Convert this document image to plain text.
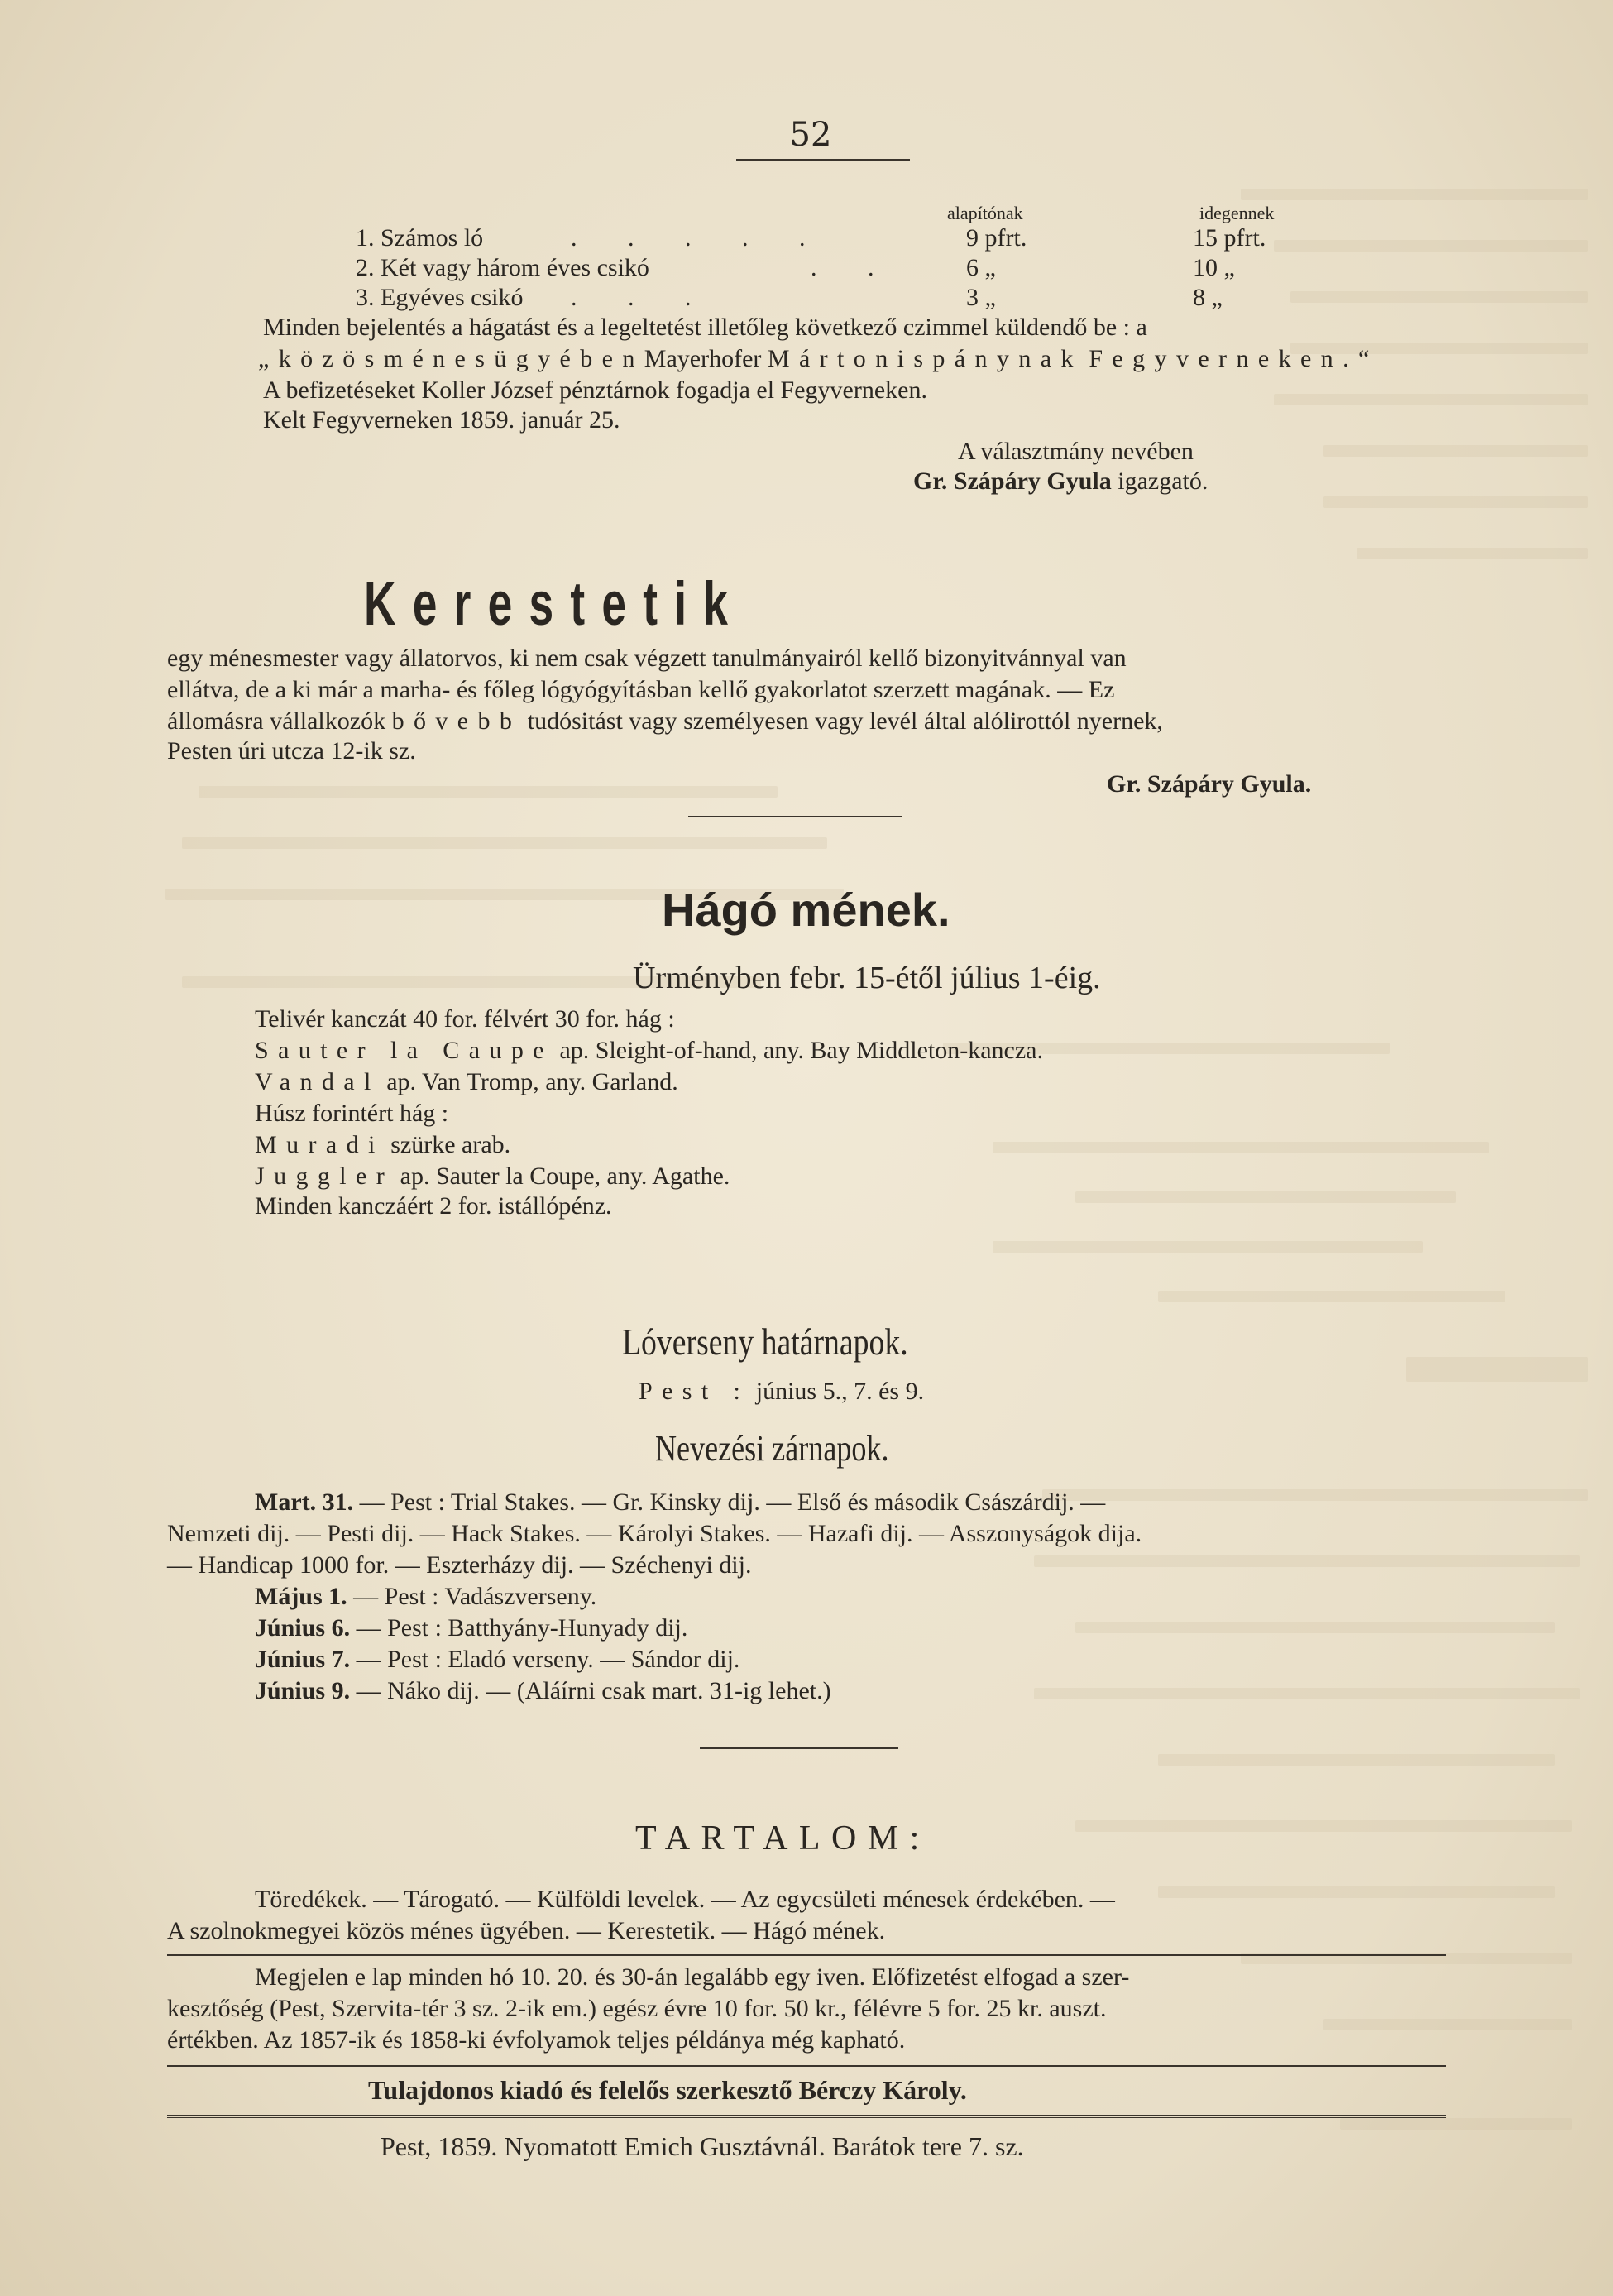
52
alapítónak	idegennek
1. Számos ló	. . . . .	9 pfrt.	15 pfrt.
2. Két vagy három éves csikó	. .	6 „	10 „
3. Egyéves csikó . . .	3 „	8 „
Minden bejelentés a hágatást és a legeltetést illetőleg következő czimmel küldendő be : a
„közösménesügyébenMayerhofer Mártonispánynak Fegyverneken.“
A befizetéseket Koller József pénztárnok fogadja el Fegyverneken.
Kelt Fegyverneken 1859. január 25.
A választmány nevében
Gr. Szápáry Gyula igazgató.
Kerestetik
egy ménesmester vagy állatorvos, ki nem csak végzett tanulmányairól kellő bizonyitvánnyal van
ellátva, de a ki már a marha- és főleg lógyógyításban kellő gyakorlatot szerzett magának. — Ez
állomásra vállalkozók bővebb tudósitást vagy személyesen vagy levél által alólirottól nyernek,
Pesten úri utcza 12-ik sz.
Gr. Szápáry Gyula.
Hágó mének.
Ürményben febr. 15-étől július 1-éig.
Telivér kanczát 40 for. félvért 30 for. hág :
Sauter la Caupe ap. Sleight-of-hand, any. Bay Middleton-kancza.
Vandal ap. Van Tromp, any. Garland.
Húsz forintért hág :
Muradi szürke arab.
Juggler ap. Sauter la Coupe, any. Agathe.
Minden kanczáért 2 for. istállópénz.
Lóverseny határnapok.
Pest : június 5., 7. és 9.
Nevezési zárnapok.
Mart. 31. — Pest : Trial Stakes. — Gr. Kinsky dij. — Első és második Császárdij. —
Nemzeti dij. — Pesti dij. — Hack Stakes. — Károlyi Stakes. — Hazafi dij. — Asszonyságok dija.
— Handicap 1000 for. — Eszterházy dij. — Széchenyi dij.
Május 1. — Pest : Vadászverseny.
Június 6. — Pest : Batthyány-Hunyady dij.
Június 7. — Pest : Eladó verseny. — Sándor dij.
Június 9. — Náko dij. — (Aláírni csak mart. 31-ig lehet.)
TARTALOM:
Töredékek. — Tárogató. — Külföldi levelek. — Az egycsületi ménesek érdekében. —
A szolnokmegyei közös ménes ügyében. — Kerestetik. — Hágó mének.
Megjelen e lap minden hó 10. 20. és 30-án legalább egy iven. Előfizetést elfogad a szer-
kesztőség (Pest, Szervita-tér 3 sz. 2-ik em.) egész évre 10 for. 50 kr., félévre 5 for. 25 kr. auszt.
értékben. Az 1857-ik és 1858-ki évfolyamok teljes példánya még kapható.
Tulajdonos kiadó és felelős szerkesztő Bérczy Károly.
Pest, 1859. Nyomatott Emich Gusztávnál. Barátok tere 7. sz.
